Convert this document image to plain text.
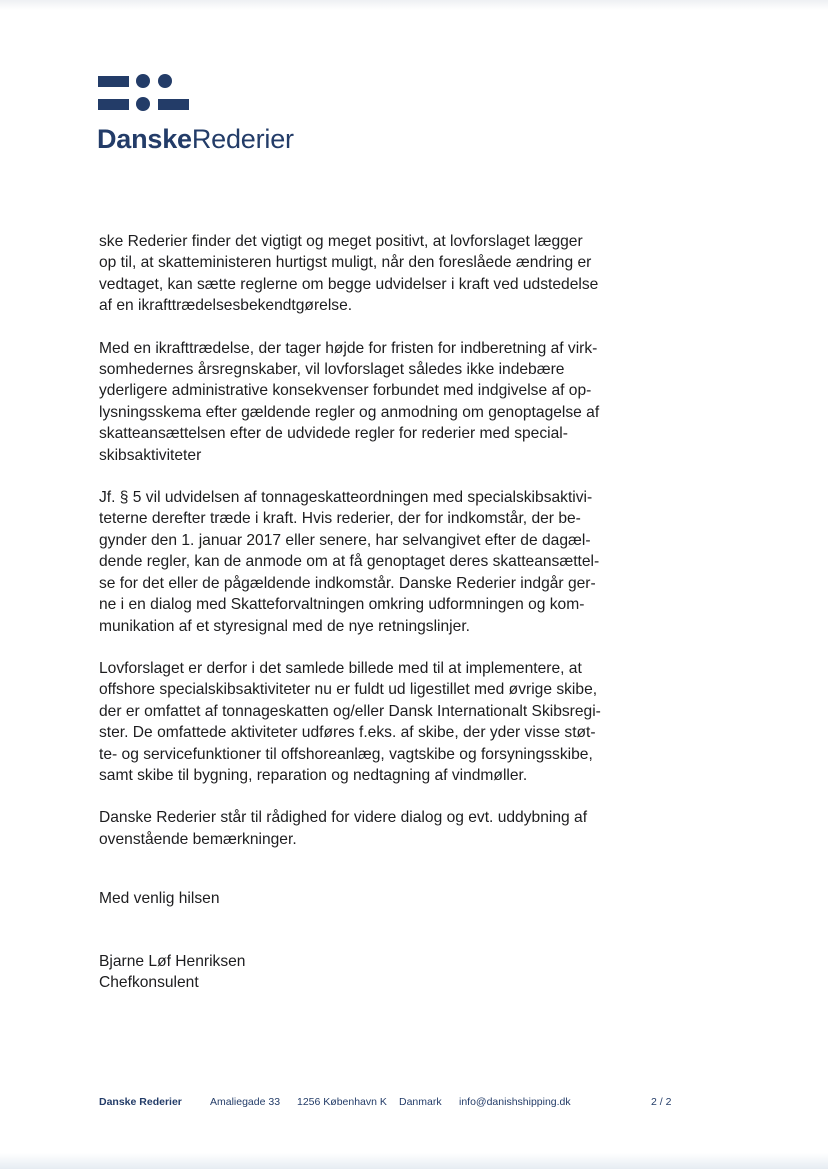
DanskeRederier

ske Rederier finder det vigtigt og meget positivt, at lovforslaget lægger
op til, at skatteministeren hurtigst muligt, når den foreslåede ændring er
vedtaget, kan sætte reglerne om begge udvidelser i kraft ved udstedelse
af en ikrafttrædelsesbekendtgørelse.

Med en ikrafttrædelse, der tager højde for fristen for indberetning af virk-
somhedernes årsregnskaber, vil lovforslaget således ikke indebære
yderligere administrative konsekvenser forbundet med indgivelse af op-
lysningsskema efter gældende regler og anmodning om genoptagelse af
skatteansættelsen efter de udvidede regler for rederier med special-
skibsaktiviteter

Jf. § 5 vil udvidelsen af tonnageskatteordningen med specialskibsaktivi-
teterne derefter træde i kraft. Hvis rederier, der for indkomstår, der be-
gynder den 1. januar 2017 eller senere, har selvangivet efter de dagæl-
dende regler, kan de anmode om at få genoptaget deres skatteansættel-
se for det eller de pågældende indkomstår. Danske Rederier indgår ger-
ne i en dialog med Skatteforvaltningen omkring udformningen og kom-
munikation af et styresignal med de nye retningslinjer.

Lovforslaget er derfor i det samlede billede med til at implementere, at
offshore specialskibsaktiviteter nu er fuldt ud ligestillet med øvrige skibe,
der er omfattet af tonnageskatten og/eller Dansk Internationalt Skibsregi-
ster. De omfattede aktiviteter udføres f.eks. af skibe, der yder visse støt-
te- og servicefunktioner til offshoreanlæg, vagtskibe og forsyningsskibe,
samt skibe til bygning, reparation og nedtagning af vindmøller.

Danske Rederier står til rådighed for videre dialog og evt. uddybning af
ovenstående bemærkninger.

Med venlig hilsen
Bjarne Løf Henriksen
Chefkonsulent
Danske Rederier	Amaliegade 33 1256 København K Danmark info@danishshipping.dk	2 / 2
